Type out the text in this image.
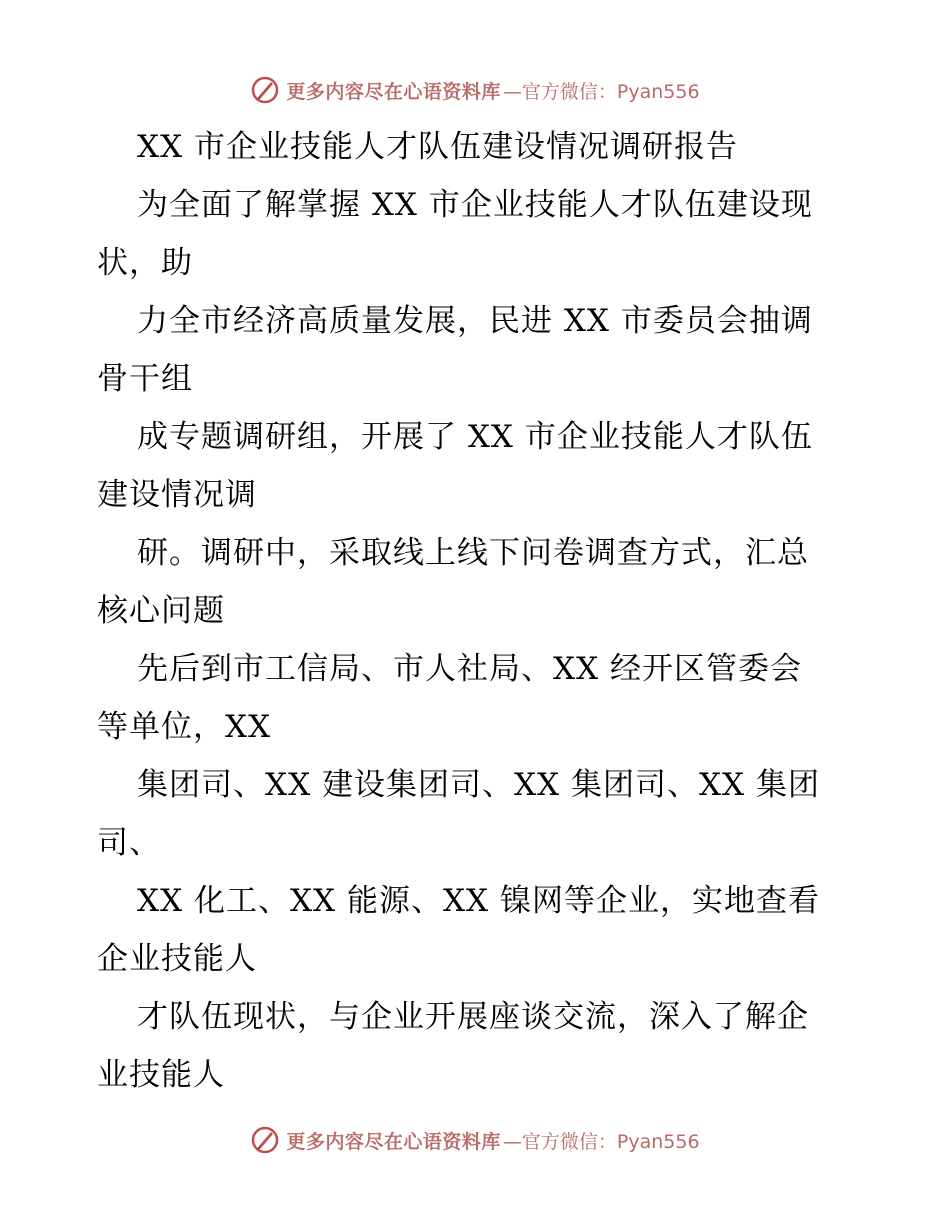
更多内容尽在心语资料库 —官方微信：Pyan556
XX 市企业技能人才队伍建设情况调研报告
为全面了解掌握 XX 市企业技能人才队伍建设现
状，助
力全市经济高质量发展，民进 XX 市委员会抽调
骨干组
成专题调研组，开展了 XX 市企业技能人才队伍
建设情况调
研。调研中，采取线上线下问卷调查方式，汇总
核心问题
先后到市工信局、市人社局、XX 经开区管委会
等单位，XX
集团司、XX 建设集团司、XX 集团司、XX 集团
司、
XX 化工、XX 能源、XX 镍网等企业，实地查看
企业技能人
才队伍现状，与企业开展座谈交流，深入了解企
业技能人
更多内容尽在心语资料库 —官方微信：Pyan556
